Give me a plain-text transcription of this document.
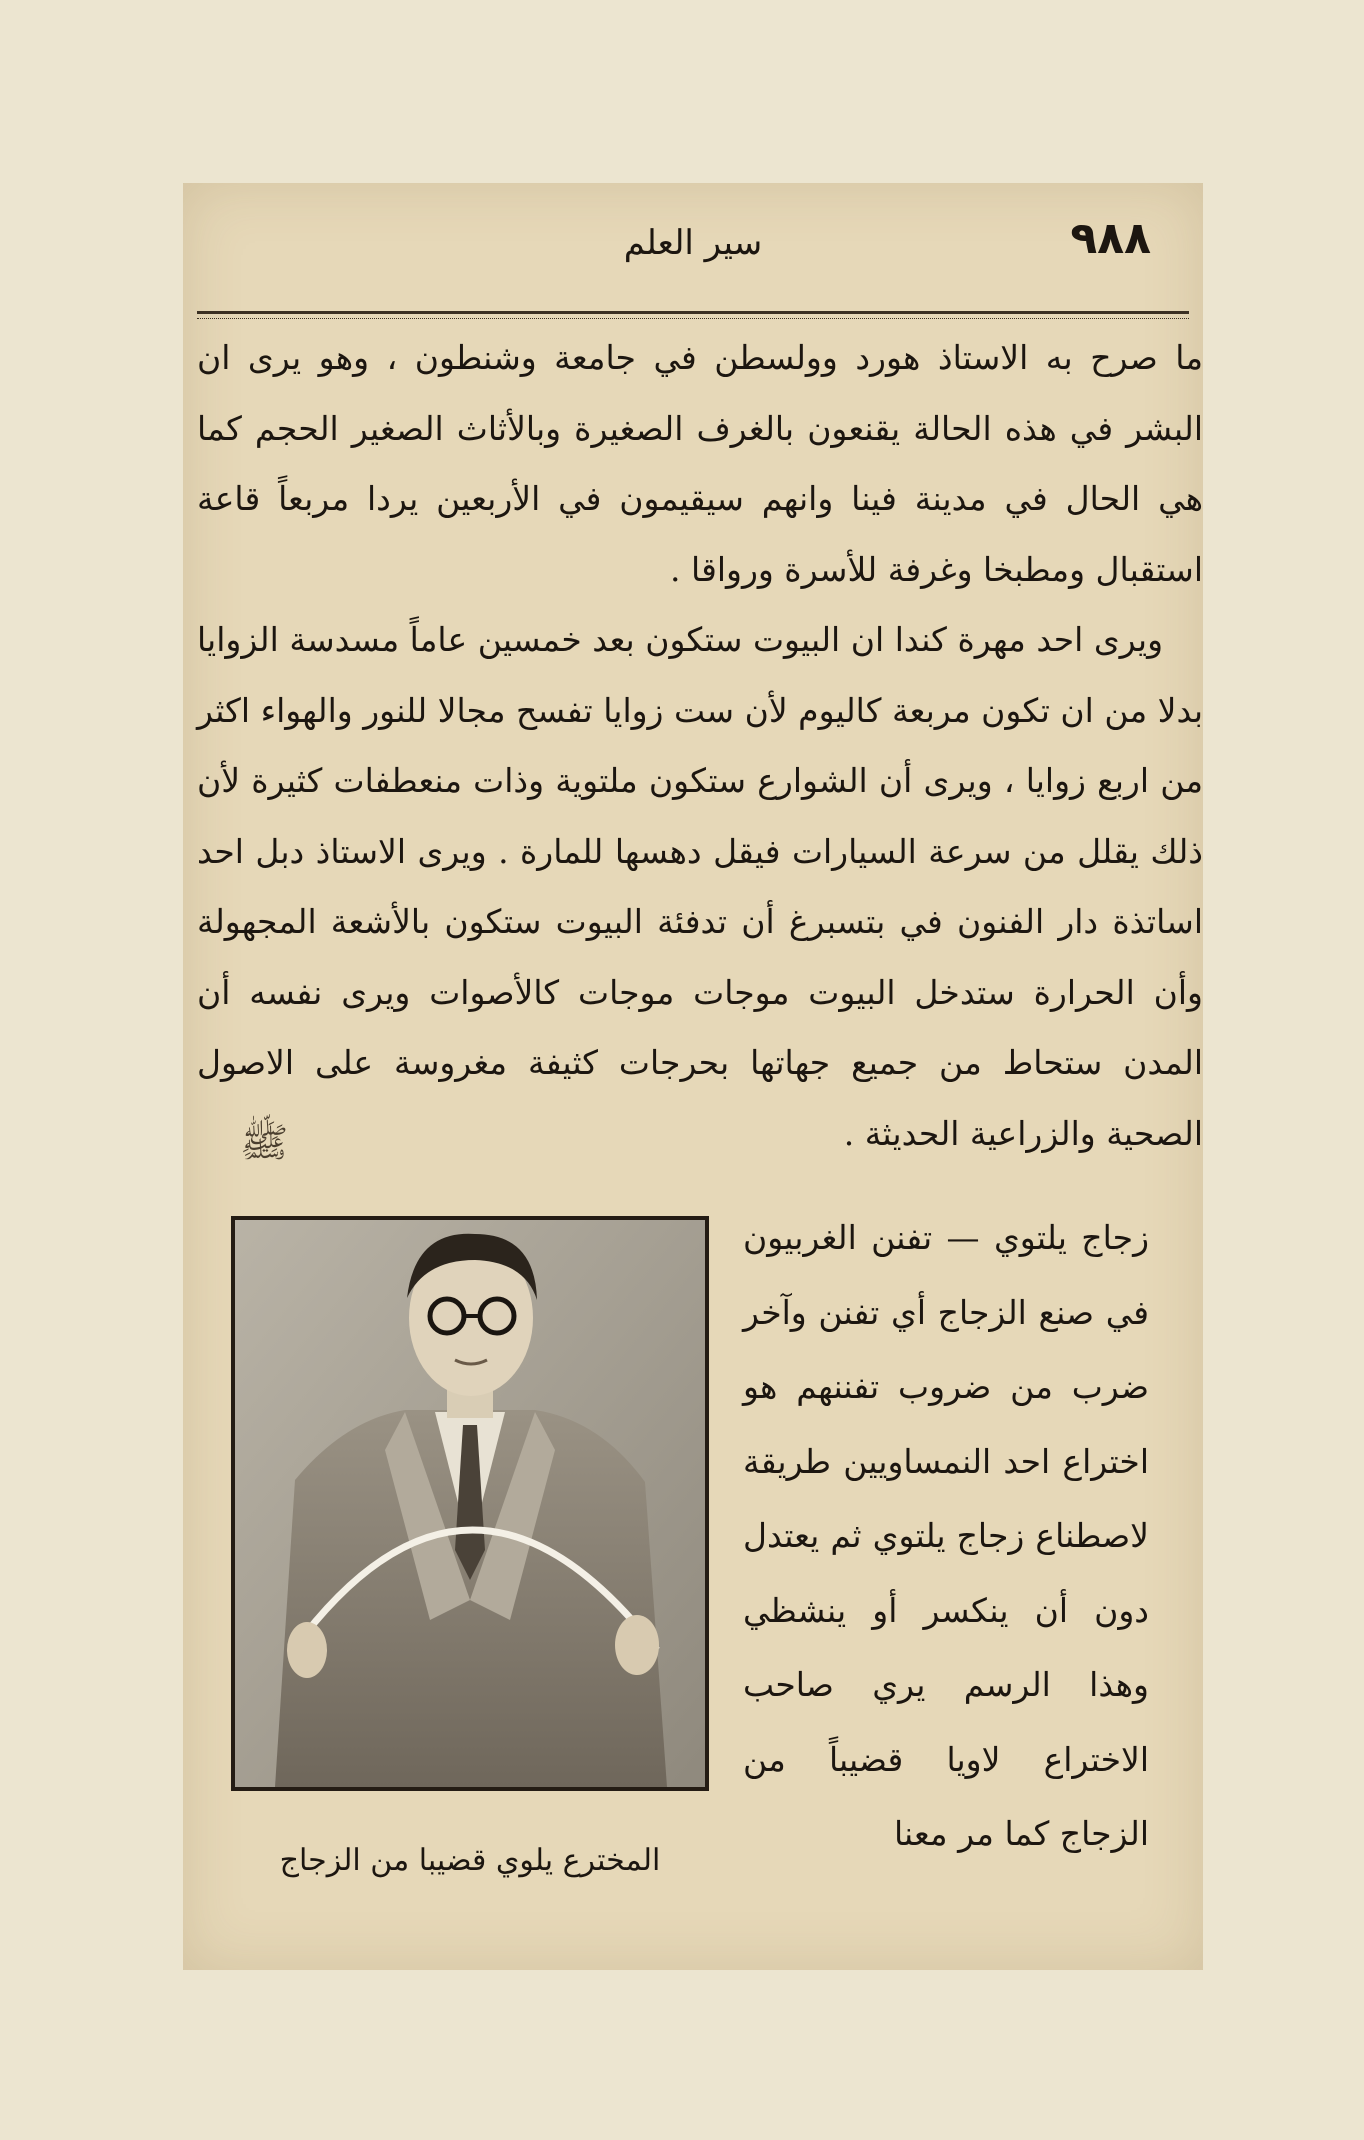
٩٨٨
سير العلم

ما صرح به الاستاذ هورد وولسطن في جامعة وشنطون ، وهو يرى ان البشر في هذه الحالة يقنعون بالغرف الصغيرة وبالأثاث الصغير الحجم كما هي الحال في مدينة فينا وانهم سيقيمون في الأربعين يردا مربعاً قاعة استقبال ومطبخا وغرفة للأسرة ورواقا .

ويرى احد مهرة كندا ان البيوت ستكون بعد خمسين عاماً مسدسة الزوايا بدلا من ان تكون مربعة كاليوم لأن ست زوايا تفسح مجالا للنور والهواء اكثر من اربع زوايا ، ويرى أن الشوارع ستكون ملتوية وذات منعطفات كثيرة لأن ذلك يقلل من سرعة السيارات فيقل دهسها للمارة . ويرى الاستاذ دبل احد اساتذة دار الفنون في بتسبرغ أن تدفئة البيوت ستكون بالأشعة المجهولة وأن الحرارة ستدخل البيوت موجات موجات كالأصوات ويرى نفسه أن المدن ستحاط من جميع جهاتها بحرجات كثيفة مغروسة على الاصول الصحية والزراعية الحديثة .

ﷺ
المخترع يلوي قضيبا من الزجاج

زجاج يلتوي — تفنن الغربيون في صنع الزجاج أي تفنن وآخر ضرب من ضروب تفننهم هو اختراع احد النمساويين طريقة لاصطناع زجاج يلتوي ثم يعتدل دون أن ينكسر أو ينشظي وهذا الرسم يري صاحب الاختراع لاويا قضيباً من الزجاج كما مر معنا
